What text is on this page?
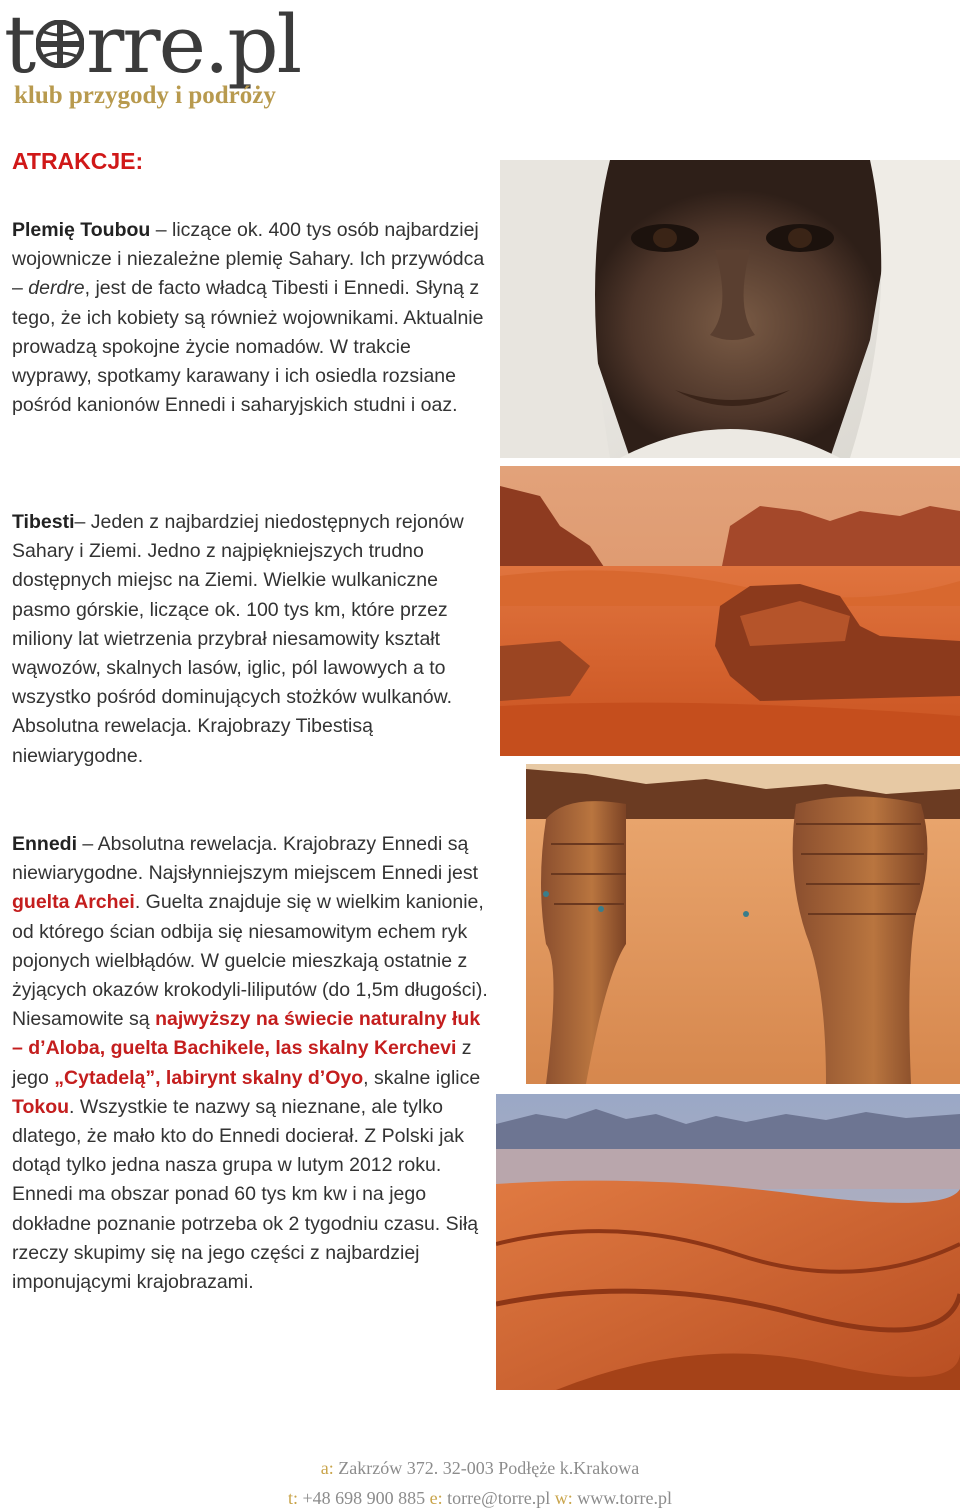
t rre.pl
klub przygody i podróży
ATRAKCJE:
Plemię Toubou – liczące ok. 400 tys osób najbardziej wojownicze i niezależne plemię Sahary. Ich przywódca – derdre, jest de facto władcą Tibesti i Ennedi. Słyną z tego, że ich kobiety są również wojownikami. Aktualnie prowadzą spokojne życie nomadów. W trakcie wyprawy, spotkamy karawany i ich osiedla rozsiane pośród kanionów Ennedi i saharyjskich studni i oaz.
Tibesti– Jeden z najbardziej niedostępnych rejonów Sahary i Ziemi. Jedno z najpiękniejszych trudno dostępnych miejsc na Ziemi. Wielkie wulkaniczne pasmo górskie, liczące ok. 100 tys km, które przez miliony lat wietrzenia przybrał niesamowity kształt wąwozów, skalnych lasów, iglic, pól lawowych a to wszystko pośród dominujących stożków wulkanów. Absolutna rewelacja. Krajobrazy Tibestisą niewiarygodne.
Ennedi – Absolutna rewelacja. Krajobrazy Ennedi są niewiarygodne. Najsłynniejszym miejscem Ennedi jest guelta Archei. Guelta znajduje się w wielkim kanionie, od którego ścian odbija się niesamowitym echem ryk pojonych wielbłądów. W guelcie mieszkają ostatnie z żyjących okazów krokodyli-liliputów (do 1,5m długości). Niesamowite są najwyższy na świecie naturalny łuk – d’Aloba, guelta Bachikele, las skalny Kerchevi z jego „Cytadelą”, labirynt skalny d’Oyo, skalne iglice Tokou. Wszystkie te nazwy są nieznane, ale tylko dlatego, że mało kto do Ennedi docierał. Z Polski jak dotąd tylko jedna nasza grupa w lutym 2012 roku.
Ennedi ma obszar ponad 60 tys km kw i na jego dokładne poznanie potrzeba ok 2 tygodniu czasu. Siłą rzeczy skupimy się na jego części z najbardziej imponującymi krajobrazami.
a: Zakrzów 372. 32-003 Podłęże k.Krakowa
t: +48 698 900 885 e: torre@torre.pl w: www.torre.pl
